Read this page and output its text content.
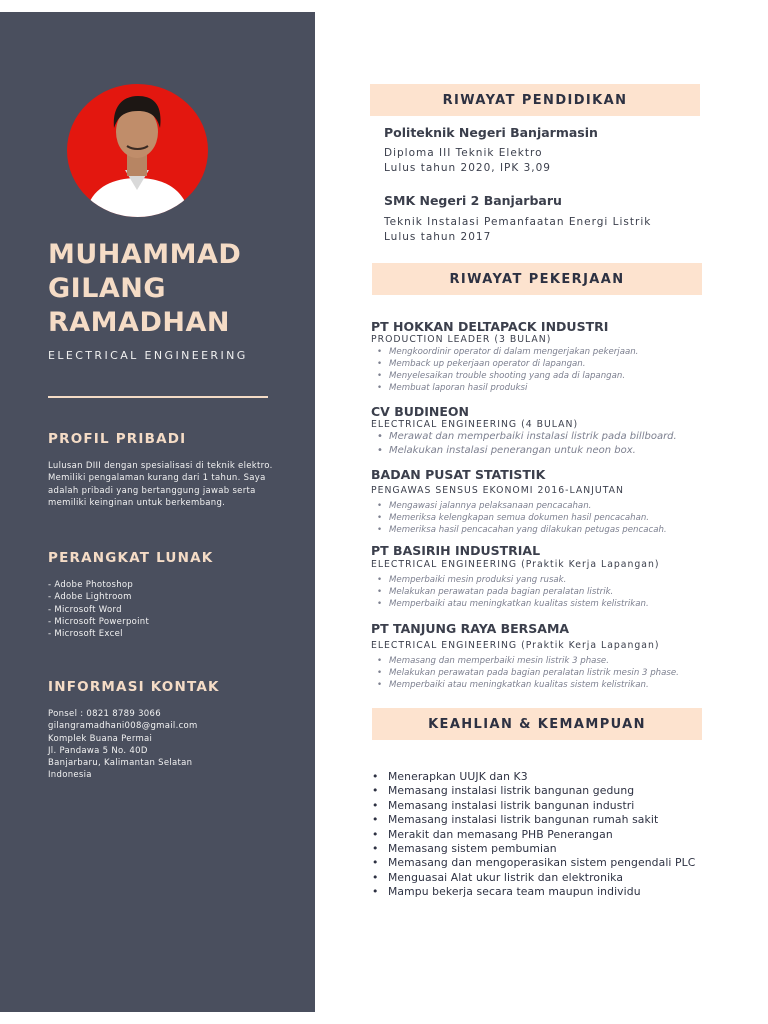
MUHAMMAD
GILANG
RAMADHAN
ELECTRICAL ENGINEERING
PROFIL PRIBADI
Lulusan DIII dengan spesialisasi di teknik elektro.
Memiliki pengalaman kurang dari 1 tahun. Saya
adalah pribadi yang bertanggung jawab serta
memiliki keinginan untuk berkembang.
PERANGKAT LUNAK
- Adobe Photoshop
- Adobe Lightroom
- Microsoft Word
- Microsoft Powerpoint
- Microsoft Excel
INFORMASI KONTAK
Ponsel : 0821 8789 3066
gilangramadhani008@gmail.com
Komplek Buana Permai
Jl. Pandawa 5 No. 40D
Banjarbaru, Kalimantan Selatan
Indonesia
RIWAYAT PENDIDIKAN
Politeknik Negeri Banjarmasin
Diploma III Teknik Elektro
Lulus tahun 2020, IPK 3,09
SMK Negeri 2 Banjarbaru
Teknik Instalasi Pemanfaatan Energi Listrik
Lulus tahun 2017
RIWAYAT PEKERJAAN
PT HOKKAN DELTAPACK INDUSTRI
PRODUCTION LEADER (3 BULAN)
• Mengkoordinir operator di dalam mengerjakan pekerjaan.
• Memback up pekerjaan operator di lapangan.
• Menyelesaikan trouble shooting yang ada di lapangan.
• Membuat laporan hasil produksi
CV BUDINEON
ELECTRICAL ENGINEERING (4 BULAN)
• Merawat dan memperbaiki instalasi listrik pada billboard.
• Melakukan instalasi penerangan untuk neon box.
BADAN PUSAT STATISTIK
PENGAWAS SENSUS EKONOMI 2016-LANJUTAN
• Mengawasi jalannya pelaksanaan pencacahan.
• Memeriksa kelengkapan semua dokumen hasil pencacahan.
• Memeriksa hasil pencacahan yang dilakukan petugas pencacah.
PT BASIRIH INDUSTRIAL
ELECTRICAL ENGINEERING (Praktik Kerja Lapangan)
• Memperbaiki mesin produksi yang rusak.
• Melakukan perawatan pada bagian peralatan listrik.
• Memperbaiki atau meningkatkan kualitas sistem kelistrikan.
PT TANJUNG RAYA BERSAMA
ELECTRICAL ENGINEERING (Praktik Kerja Lapangan)
• Memasang dan memperbaiki mesin listrik 3 phase.
• Melakukan perawatan pada bagian peralatan listrik mesin 3 phase.
• Memperbaiki atau meningkatkan kualitas sistem kelistrikan.
KEAHLIAN & KEMAMPUAN
• Menerapkan UUJK dan K3
• Memasang instalasi listrik bangunan gedung
• Memasang instalasi listrik bangunan industri
• Memasang instalasi listrik bangunan rumah sakit
• Merakit dan memasang PHB Penerangan
• Memasang sistem pembumian
• Memasang dan mengoperasikan sistem pengendali PLC
• Menguasai Alat ukur listrik dan elektronika
• Mampu bekerja secara team maupun individu
